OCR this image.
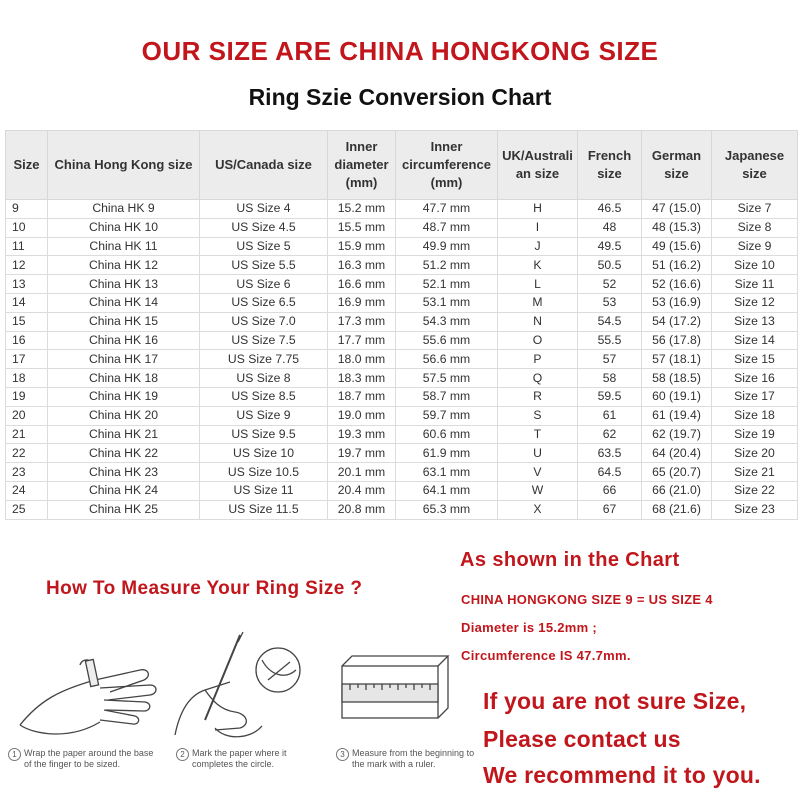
OUR SIZE ARE CHINA HONGKONG SIZE
Ring Szie Conversion Chart
Size	China Hong Kong size	US/Canada size	Inner diameter (mm)	Inner circumference (mm)	UK/Australi an size	French size	German size	Japanese size
9	China HK 9	US Size 4	15.2 mm	47.7 mm	H	46.5	47 (15.0)	Size 7
10	China HK 10	US Size 4.5	15.5 mm	48.7 mm	I	48	48 (15.3)	Size 8
11	China HK 11	US Size 5	15.9 mm	49.9 mm	J	49.5	49 (15.6)	Size 9
12	China HK 12	US Size 5.5	16.3 mm	51.2 mm	K	50.5	51 (16.2)	Size 10
13	China HK 13	US Size 6	16.6 mm	52.1 mm	L	52	52 (16.6)	Size 11
14	China HK 14	US Size 6.5	16.9 mm	53.1 mm	M	53	53 (16.9)	Size 12
15	China HK 15	US Size 7.0	17.3 mm	54.3 mm	N	54.5	54 (17.2)	Size 13
16	China HK 16	US Size 7.5	17.7 mm	55.6 mm	O	55.5	56 (17.8)	Size 14
17	China HK 17	US Size 7.75	18.0 mm	56.6 mm	P	57	57 (18.1)	Size 15
18	China HK 18	US Size 8	18.3 mm	57.5 mm	Q	58	58 (18.5)	Size 16
19	China HK 19	US Size 8.5	18.7 mm	58.7 mm	R	59.5	60 (19.1)	Size 17
20	China HK 20	US Size 9	19.0 mm	59.7 mm	S	61	61 (19.4)	Size 18
21	China HK 21	US Size 9.5	19.3 mm	60.6 mm	T	62	62 (19.7)	Size 19
22	China HK 22	US Size 10	19.7 mm	61.9 mm	U	63.5	64 (20.4)	Size 20
23	China HK 23	US Size 10.5	20.1 mm	63.1 mm	V	64.5	65 (20.7)	Size 21
24	China HK 24	US Size 11	20.4 mm	64.1 mm	W	66	66 (21.0)	Size 22
25	China HK 25	US Size 11.5	20.8 mm	65.3 mm	X	67	68 (21.6)	Size 23
How To Measure Your Ring Size ?
As shown in the Chart
CHINA HONGKONG SIZE 9 = US SIZE 4
Diameter is 15.2mm ;
Circumference IS 47.7mm.
If you are not sure Size,
Please contact us
We recommend it to you.
1 Wrap the paper around the base of the finger to be sized.
2 Mark the paper where it completes the circle.
3 Measure from the beginning to the mark with a ruler.
